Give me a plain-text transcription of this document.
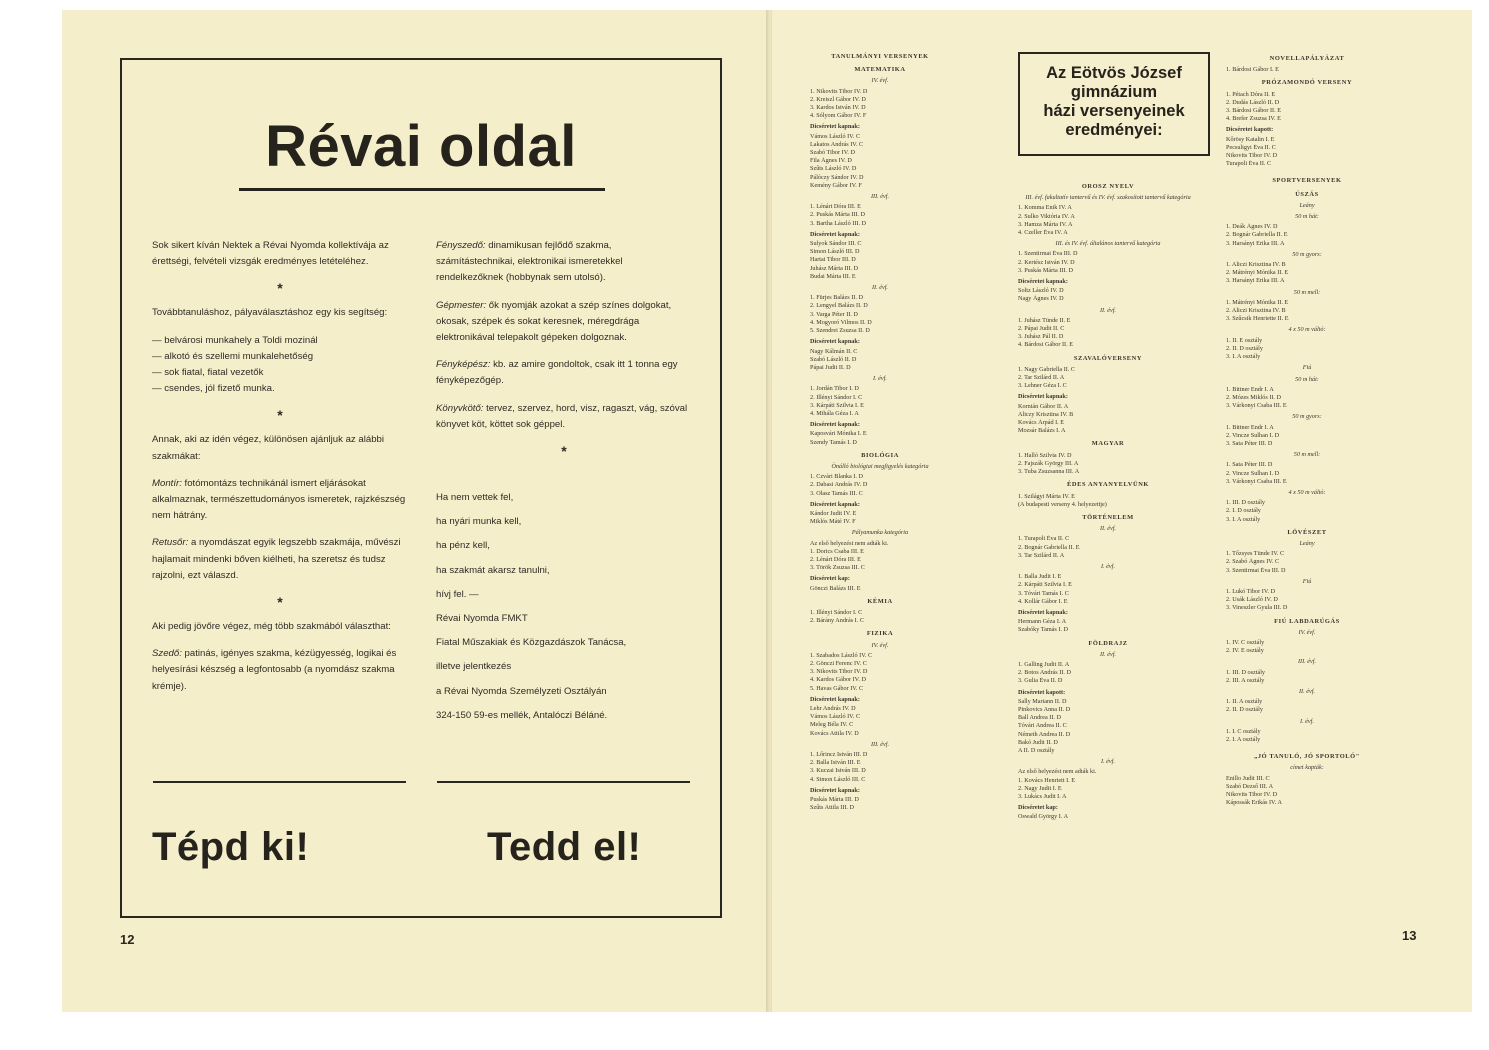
Révai oldal

Sok sikert kíván Nektek a Révai Nyomda kollektívája az érettségi, felvételi vizsgák eredményes letételéhez.

*

Továbbtanuláshoz, pályaválasztáshoz egy kis segítség:

— belvárosi munkahely a Toldi mozinál
— alkotó és szellemi munkalehetőség
— sok fiatal, fiatal vezetők
— csendes, jól fizető munka.
*

Annak, aki az idén végez, különösen ajánljuk az alábbi szakmákat:

Montír: fotómontázs technikánál ismert eljárásokat alkalmaznak, természettudományos ismeretek, rajzkészség nem hátrány.

Retusőr: a nyomdászat egyik legszebb szakmája, művészi hajlamait mindenki bőven kiélheti, ha szeretsz és tudsz rajzolni, ezt válaszd.

*

Aki pedig jövőre végez, még több szakmából választhat:

Szedő: patinás, igényes szakma, kézügyesség, logikai és helyesírási készség a legfontosabb (a nyomdász szakma krémje).

Fényszedő: dinamikusan fejlődő szakma, számítástechnikai, elektronikai ismeretekkel rendelkezőknek (hobbynak sem utolsó).

Gépmester: ők nyomják azokat a szép színes dolgokat, okosak, szépek és sokat keresnek, méregdrága elektronikával telepakolt gépeken dolgoznak.

Fényképész: kb. az amire gondoltok, csak itt 1 tonna egy fényképezőgép.

Könyvkötő: tervez, szervez, hord, visz, ragaszt, vág, szóval könyvet köt, köttet sok géppel.

*
Ha nem vettek fel,
ha nyári munka kell,
ha pénz kell,
ha szakmát akarsz tanulni,
hívj fel. —
Révai Nyomda FMKT
Fiatal Műszakiak és Közgazdászok Tanácsa,
illetve jelentkezés
a Révai Nyomda Személyzeti Osztályán
324-150 59-es mellék, Antalóczi Béláné.
Tépd ki!	Tedd el!
12
Az Eötvös József
gimnázium
házi versenyeinek
eredményei:
TANULMÁNYI VERSENYEK
MATEMATIKA
IV. évf.
1. Nikovits Tibor IV. D
2. Kreiszl Gábor IV. D
3. Kardos István IV. D
4. Sólyom Gábor IV. F
Dicséretet kapnak:
Vámos László IV. C
Lakatos András IV. C
Szabó Tibor IV. D
Fila Ágnes IV. D
Szűts László IV. D
Pálóczy Sándor IV. D
Kemény Gábor IV. F
III. évf.
1. Lénárt Dóra III. E
2. Puskás Márta III. D
3. Bartha László III. D
Dicséretet kapnak:
Sulyok Sándor III. C
Simon László III. D
Hartai Tibor III. D
Juhász Márta III. D
Budai Márta III. E
II. évf.
1. Fürjes Balázs II. D
2. Lengyel Balázs II. D
3. Varga Péter II. D
4. Mogyoró Vilmos II. D
5. Szendrei Zsuzsa II. D
Dicséretet kapnak:
Nagy Kálmán II. C
Szabó László II. D
Pápai Judit II. D
I. évf.
1. Jordán Tibor I. D
2. Illényi Sándor I. C
3. Kárpáti Szilvia I. E
4. Mihála Géza I. A
Dicséretet kapnak:
Kaposvári Mónika I. E
Szendy Tamás I. D
BIOLÓGIA
Önálló biológiai megfigyelés kategória
1. Czvári Blanka I. D
2. Dabasi András IV. D
3. Olasz Tamás III. C
Dicséretet kapnak:
Kándor Judit IV. E
Miklós Máté IV. F
Pályamunka kategória
Az első helyezést nem adták ki.
1. Dorics Csaba III. E
2. Lénárt Dóra III. E
3. Török Zsuzsa III. C
Dicséretet kap:
Gönczi Balázs III. E
KÉMIA
1. Illényi Sándor I. C
2. Bárány András I. C
FIZIKA
IV. évf.
1. Szabados László IV. C
2. Gönczi Ferenc IV. C
3. Nikovits Tibor IV. D
4. Kardos Gábor IV. D
5. Havas Gábor IV. C
Dicséretet kapnak:
Lehr András IV. D
Vámos László IV. C
Meleg Béla IV. C
Kovács Attila IV. D
III. évf.
1. Lőrincz István III. D
2. Balla István III. E
3. Kuczai István III. D
4. Simon László III. C
Dicséretet kapnak:
Puskás Márta III. D
Szűts Attila III. D
OROSZ NYELV
III. évf. fakultatív tantervű és IV. évf. szakosított tantervű kategória
1. Komma Enik IV. A
2. Sulko Viktória IV. A
3. Hamza Márta IV. A
4. Czeller Éva IV. A
III. és IV. évf. általános tantervű kategória
1. Szentirmai Éva III. D
2. Kertész István IV. D
3. Puskás Márta III. D
Dicséretet kapnak:
Soltz László IV. D
Nagy Ágnes IV. D
II. évf.
1. Juhász Tünde II. E
2. Pápai Judit II. C
3. Juhász Pál II. D
4. Bárdosi Gábor II. E
SZAVALÓVERSENY
1. Nagy Gabriella II. C
2. Tar Szilárd II. A
3. Lehner Géza I. C
Dicséretet kapnak:
Kornián Gábor II. A
Aliczy Krisztina IV. B
Kovács Árpád I. E
Mozsár Balázs I. A
MAGYAR
1. Halló Szilvia IV. D
2. Fajszák György III. A
3. Tuba Zsuzsanna III. A
ÉDES ANYANYELVÜNK
1. Szilágyi Márta IV. E
(A budapesti verseny 4. helyezettje)
TÖRTÉNELEM
II. évf.
1. Turapoli Éva II. C
2. Bognár Gabriella II. E
3. Tar Szilárd II. A
I. évf.
1. Balla Judit I. E
2. Kárpáti Szilvia I. E
3. Tóvári Tamás I. C
4. Kollár Gábor I. E
Dicséretet kapnak:
Hermann Géza I. A
Szabóky Tamás I. D
FÖLDRAJZ
II. évf.
1. Galling Judit II. A
2. Botos András II. D
3. Gulia Éva II. D
Dicséretet kapott:
Sally Mariann II. D
Pinkovics Anna II. D
Ball Andrea II. D
Tóvári Andrea II. C
Németh Andrea II. D
Bakó Judit II. D
A II. D osztály
I. évf.
Az első helyezést nem adták ki.
1. Kovács Henriett I. E
2. Nagy Judit I. E
3. Lukács Judit I. A
Dicséretet kap:
Oswald György I. A
NOVELLAPÁLYÁZAT
1. Bárdosi Gábor I. E
PRÓZAMONDÓ VERSENY
1. Pétach Dóra II. E
2. Dudás László II. D
3. Bárdosi Gábor II. E
4. Brefer Zsuzsa IV. E
Dicséretet kapott:
Kőrösy Katalin I. E
Pecsuligyi Éva II. C
Nikovits Tibor IV. D
Turapoli Éva II. C
SPORTVERSENYEK
ÚSZÁS
Leány
50 m hát:
1. Deák Ágnes IV. D
2. Bognár Gabriella II. E
3. Harsányi Erika III. A
50 m gyors:
1. Aliczi Krisztina IV. B
2. Mátrényi Mónika II. E
3. Harsányi Erika III. A
50 m mell:
1. Mátrényi Mónika II. E
2. Aliczi Krisztina IV. B
3. Szűcsik Henriette II. E
4 x 50 m váltó:
1. II. E osztály
2. II. D osztály
3. I. A osztály
Fiú
50 m hát:
1. Bittner Endr I. A
2. Mózes Miklós II. D
3. Várkonyi Csaba III. E
50 m gyors:
1. Bittner Endr I. A
2. Vincze Sulhan I. D
3. Sata Péter III. D
50 m mell:
1. Sata Péter III. D
2. Vincze Sulhan I. D
3. Várkonyi Csaba III. E
4 x 50 m váltó:
1. III. D osztály
2. I. D osztály
3. I. A osztály
LÖVÉSZET
Leány
1. Tőzsyes Tünde IV. C
2. Szabó Ágnes IV. C
3. Szentirmai Éva III. D
Fiú
1. Lukó Tibor IV. D
2. Usák László IV. D
3. Vineszler Gyula III. D
FIÚ LABDARÚGÁS
IV. évf.
1. IV. C osztály
2. IV. E osztály
III. évf.
1. III. D osztály
2. III. A osztály
II. évf.
1. II. A osztály
2. II. D osztály
I. évf.
1. I. C osztály
2. I. A osztály
„JÓ TANULÓ, JÓ SPORTOLÓ"
címet kapták:
Enillo Judit III. C
Szabó Dezső III. A
Nikovits Tibor IV. D
Kápossák Erikás IV. A
13
